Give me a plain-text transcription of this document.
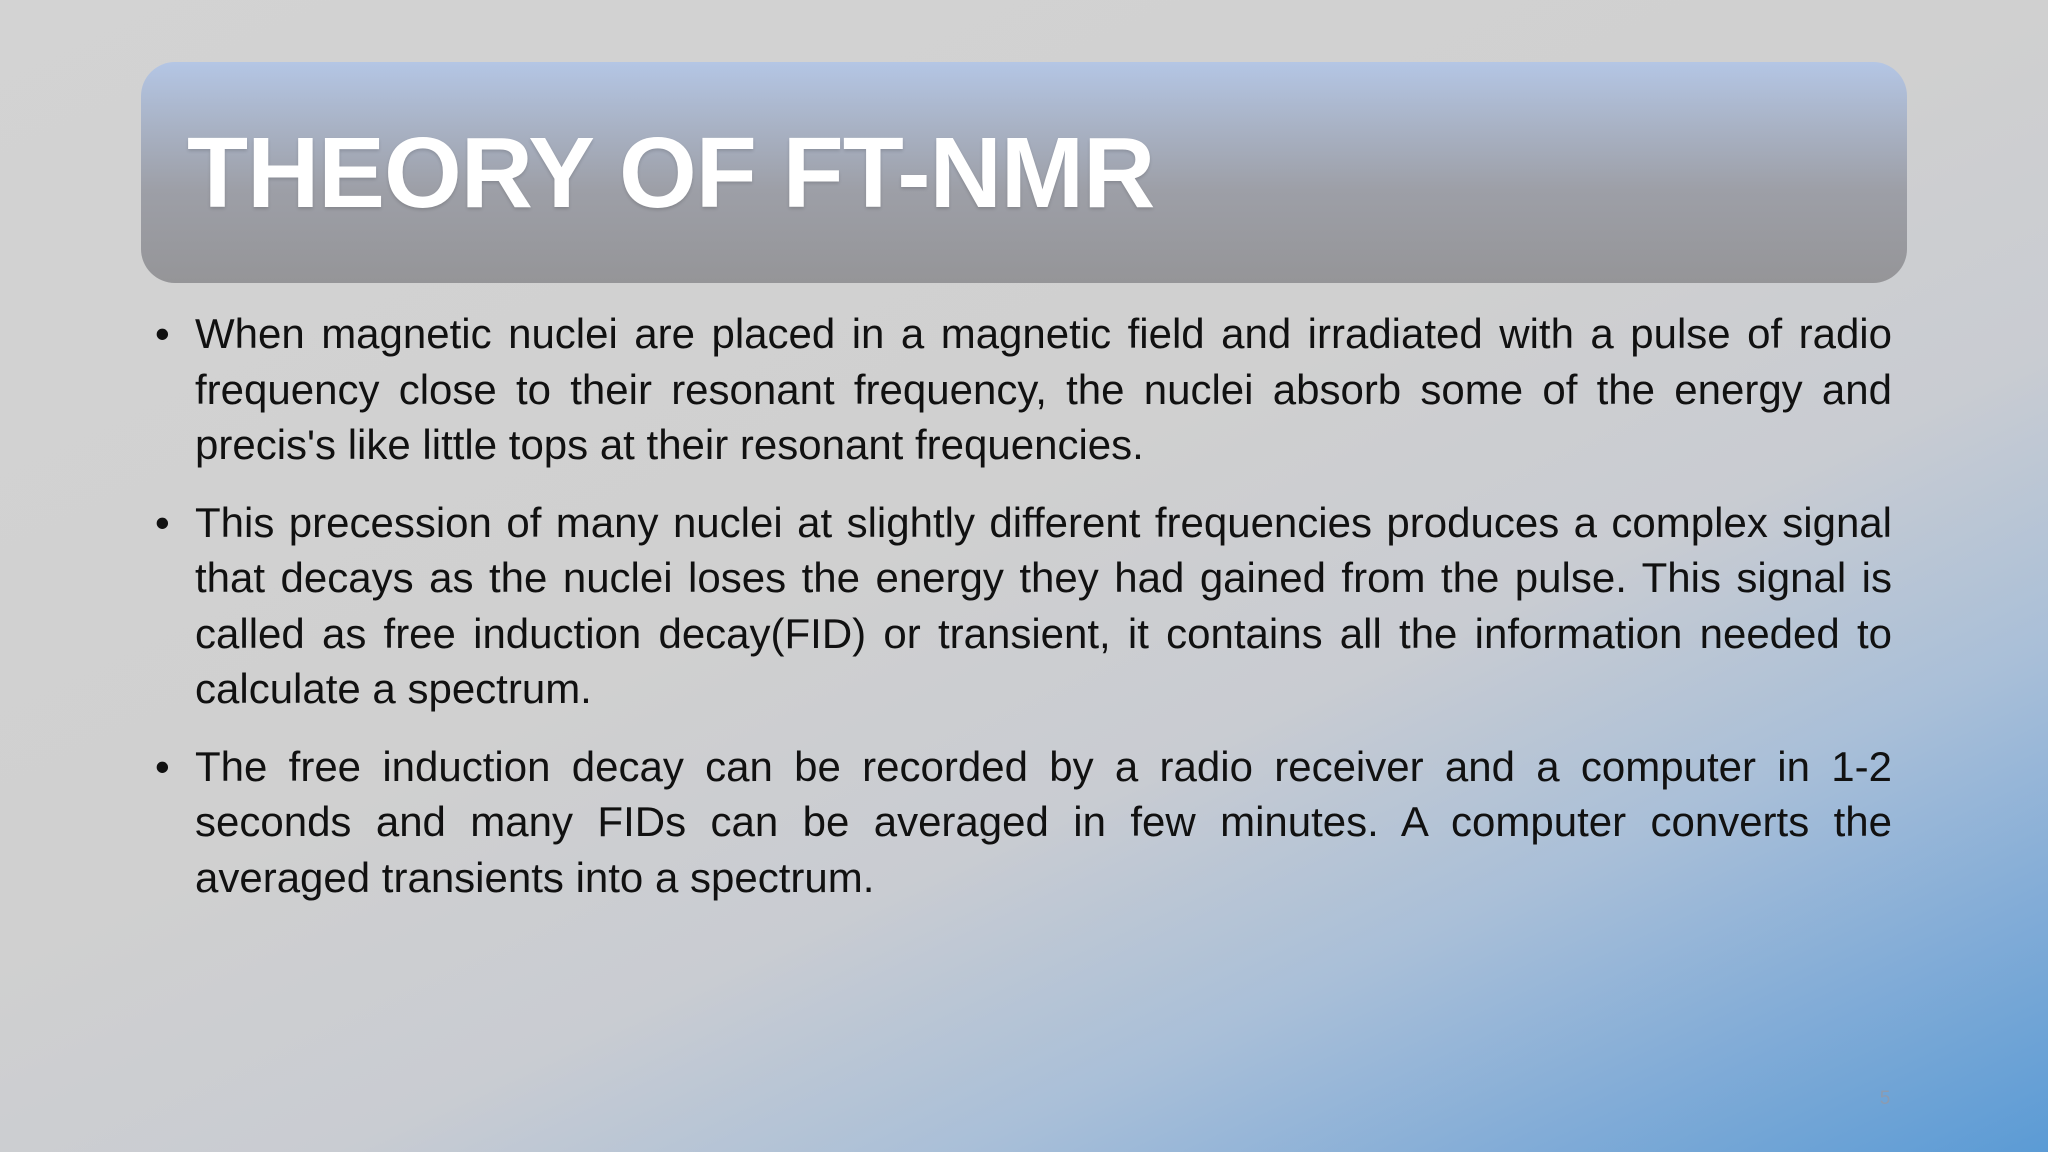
THEORY OF FT-NMR
• When magnetic nuclei are placed in a magnetic field and irradiated with a pulse of radio frequency close to their resonant frequency, the nuclei absorb some of the energy and precis's like little tops at their resonant frequencies.
• This precession of many nuclei at slightly different frequencies produces a complex signal that decays as the nuclei loses the energy they had gained from the pulse. This signal is called as free induction decay(FID) or transient, it contains all the information needed to calculate a spectrum.
• The free induction decay can be recorded by a radio receiver and a computer in 1-2 seconds and many FIDs can be averaged in few minutes. A computer converts the averaged transients into a spectrum.
5
